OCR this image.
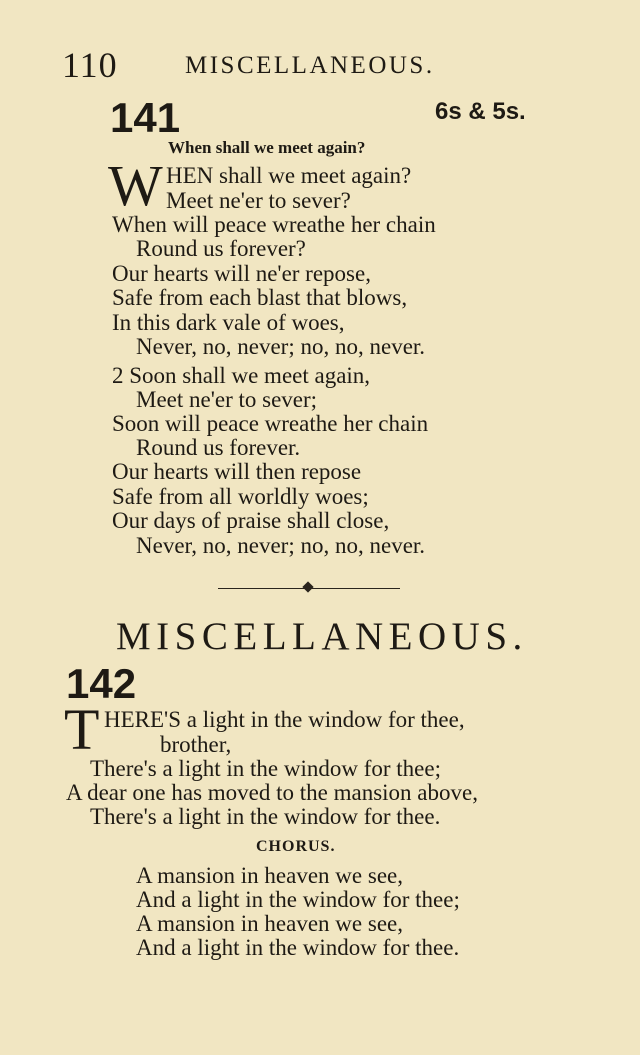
110	MISCELLANEOUS.
141	6s & 5s.
When shall we meet again?
W HEN shall we meet again?
Meet ne'er to sever?
When will peace wreathe her chain
Round us forever?
Our hearts will ne'er repose,
Safe from each blast that blows,
In this dark vale of woes,
Never, no, never; no, no, never.
2 Soon shall we meet again,
Meet ne'er to sever;
Soon will peace wreathe her chain
Round us forever.
Our hearts will then repose
Safe from all worldly woes;
Our days of praise shall close,
Never, no, never; no, no, never.
MISCELLANEOUS.
142
T HERE'S a light in the window for thee,
brother,
There's a light in the window for thee;
A dear one has moved to the mansion above,
There's a light in the window for thee.
CHORUS.
A mansion in heaven we see,
And a light in the window for thee;
A mansion in heaven we see,
And a light in the window for thee.
